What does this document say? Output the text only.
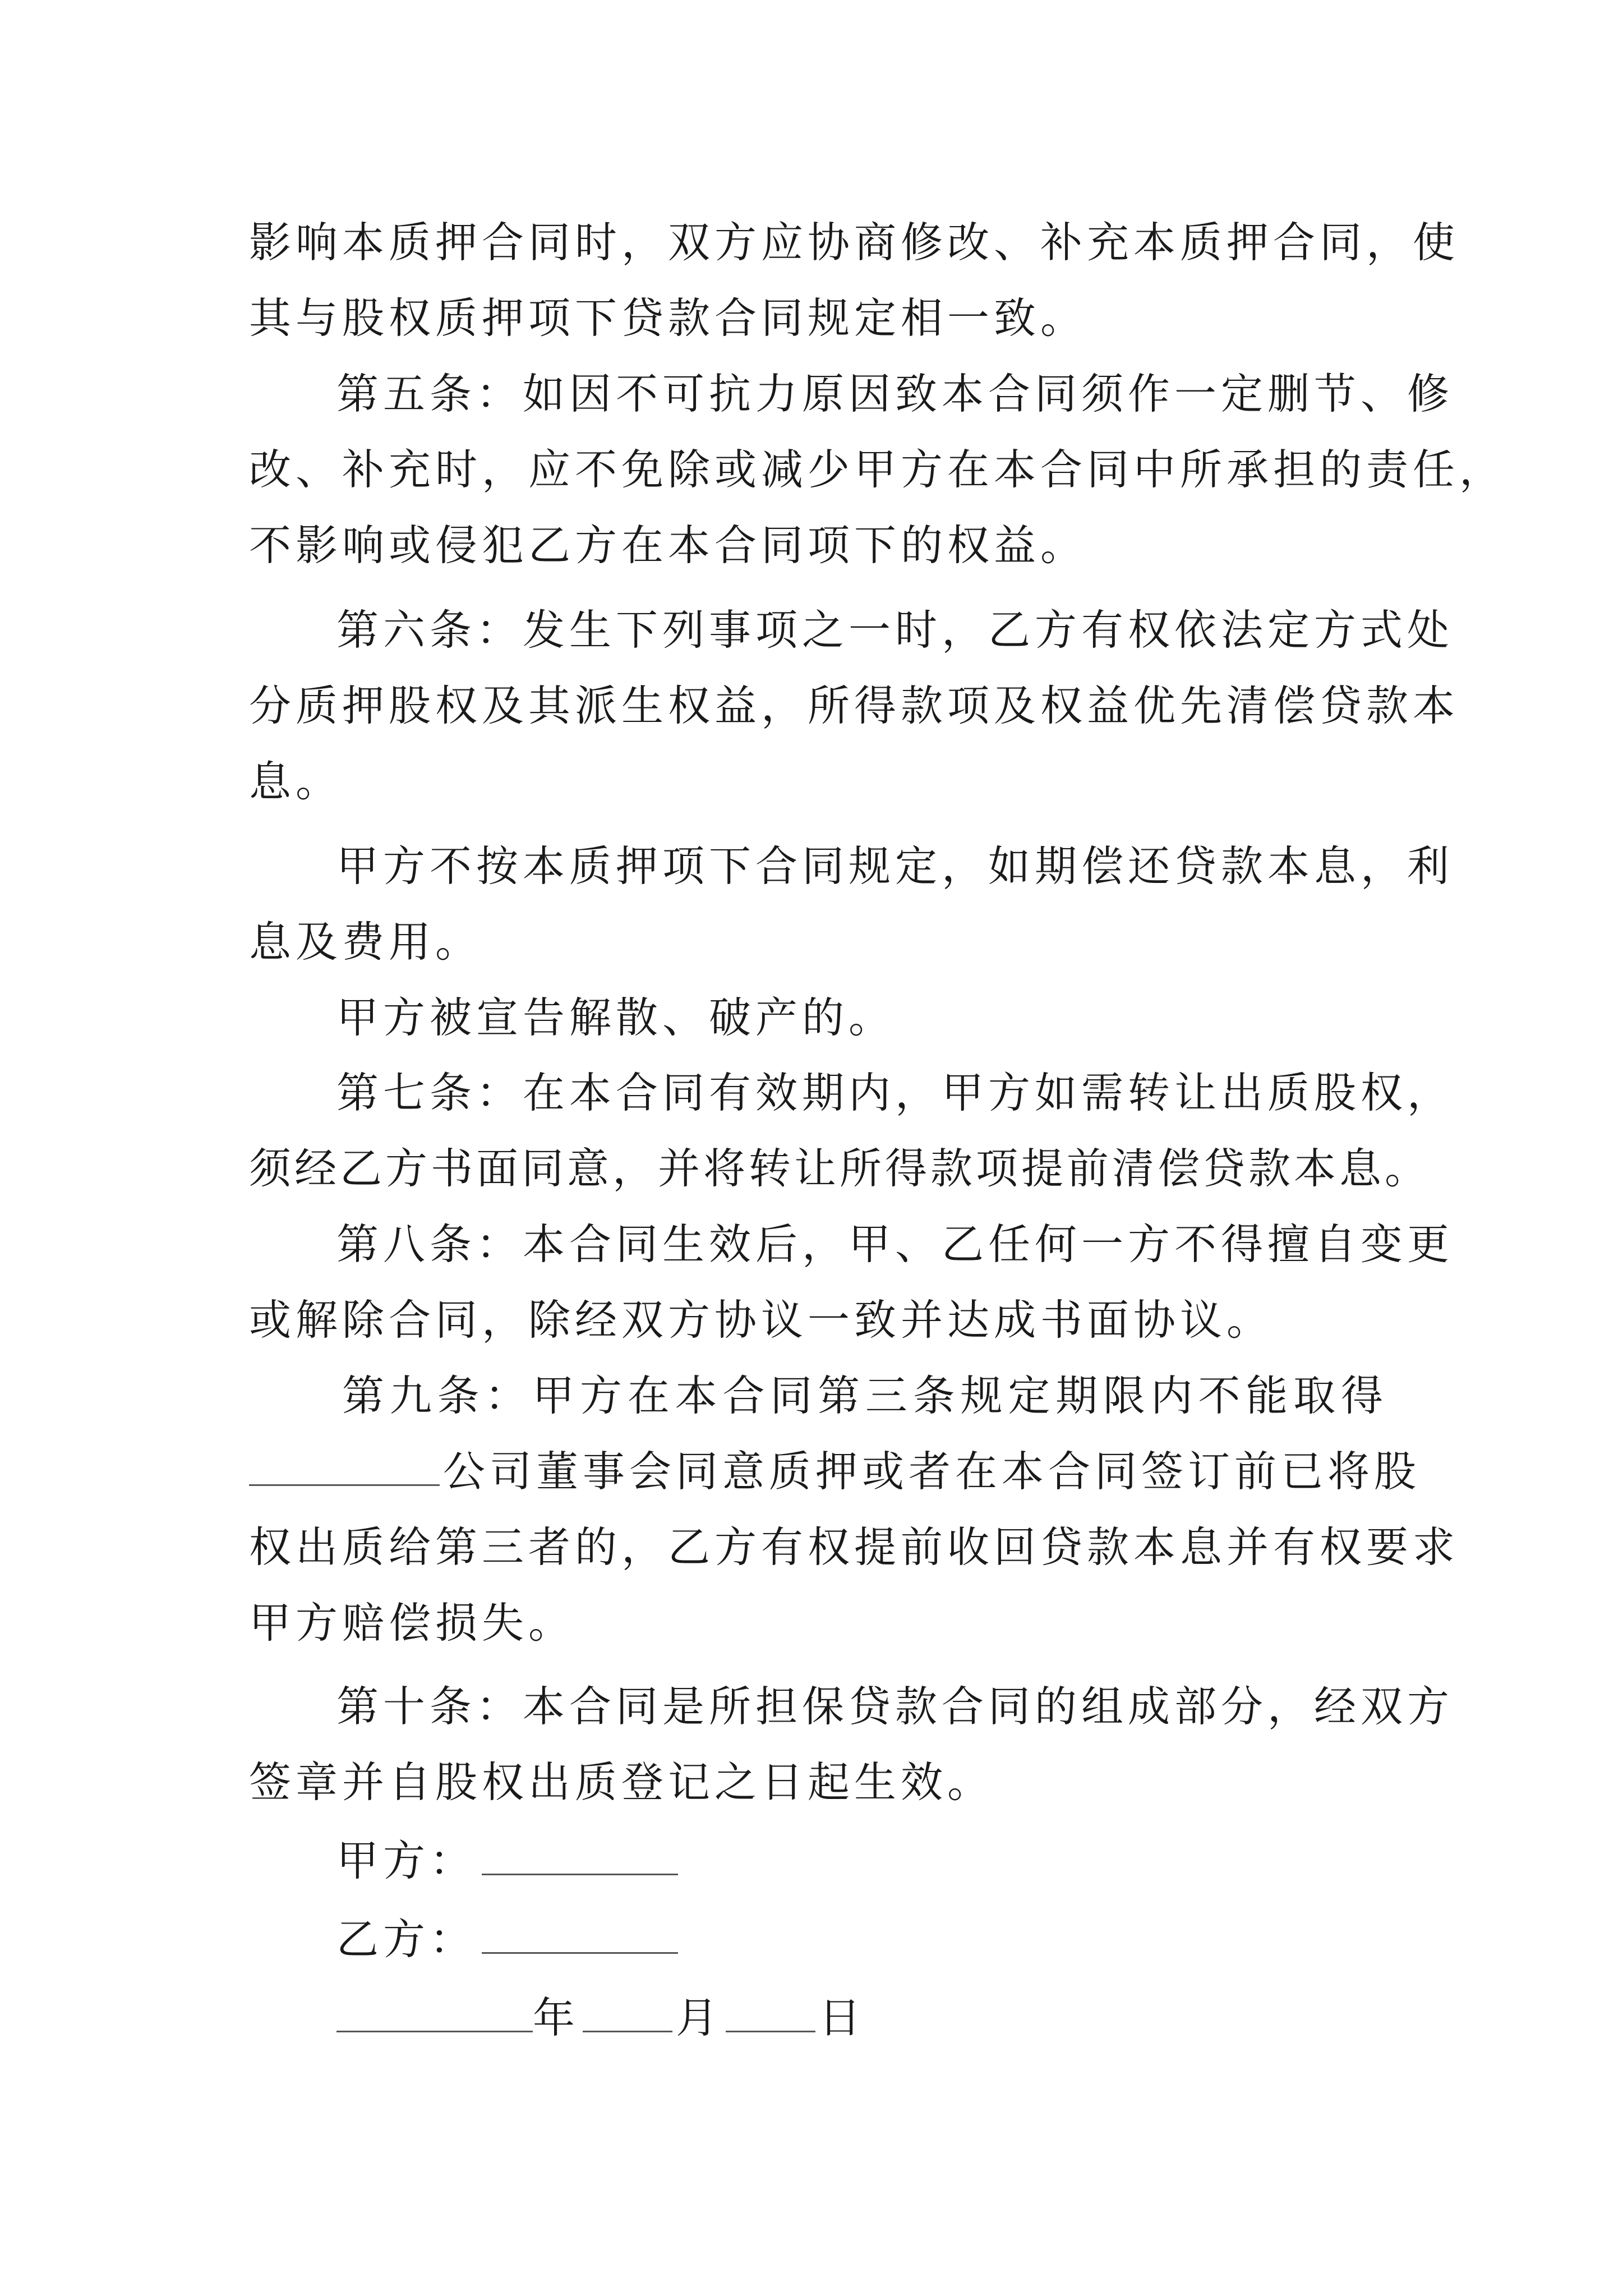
影响本质押合同时，双方应协商修改、补充本质押合同，使
其与股权质押项下贷款合同规定相一致。
第五条：如因不可抗力原因致本合同须作一定删节、修
改、补充时，应不免除或减少甲方在本合同中所承担的责任，
不影响或侵犯乙方在本合同项下的权益。
第六条：发生下列事项之一时，乙方有权依法定方式处
分质押股权及其派生权益，所得款项及权益优先清偿贷款本
息。
甲方不按本质押项下合同规定，如期偿还贷款本息，利
息及费用。
甲方被宣告解散、破产的。
第七条：在本合同有效期内，甲方如需转让出质股权，
须经乙方书面同意，并将转让所得款项提前清偿贷款本息。
第八条：本合同生效后，甲、乙任何一方不得擅自变更
或解除合同，除经双方协议一致并达成书面协议。
第九条：甲方在本合同第三条规定期限内不能取得
公司董事会同意质押或者在本合同签订前已将股
权出质给第三者的，乙方有权提前收回贷款本息并有权要求
甲方赔偿损失。
第十条：本合同是所担保贷款合同的组成部分，经双方
签章并自股权出质登记之日起生效。
甲方：
乙方：
年 月 日
